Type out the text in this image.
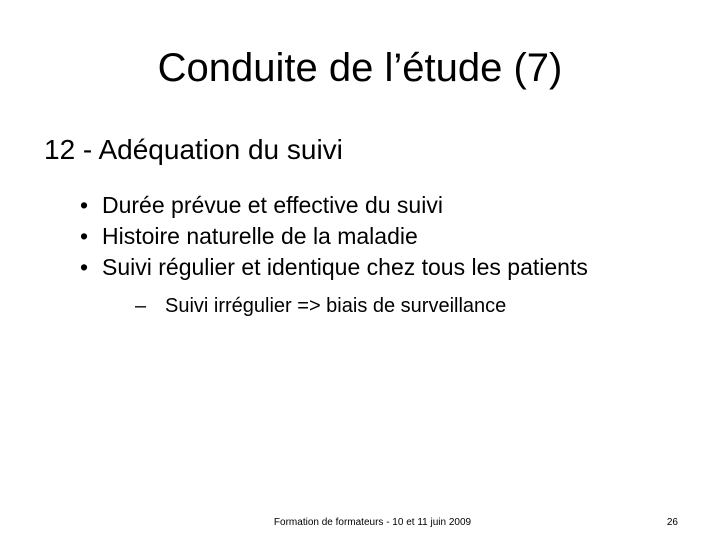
Conduite de l’étude (7)
12 - Adéquation du suivi
• Durée prévue et effective du suivi
• Histoire naturelle de la maladie
• Suivi régulier et identique chez tous les patients
– Suivi irrégulier => biais de surveillance
Formation de formateurs - 10 et 11 juin 2009	26
